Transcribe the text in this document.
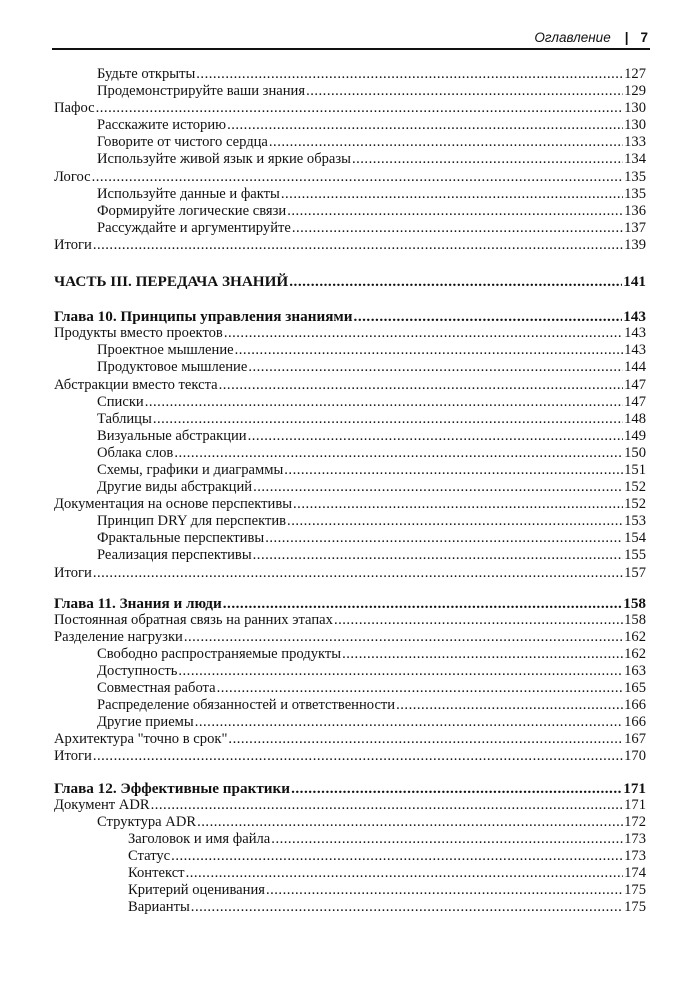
Оглавление | 7
Будьте открыты .....	127
Продемонстрируйте ваши знания .....	129
Пафос .....	130
Расскажите историю .....	130
Говорите от чистого сердца .....	133
Используйте живой язык и яркие образы .....	134
Логос .....	135
Используйте данные и факты .....	135
Формируйте логические связи .....	136
Рассуждайте и аргументируйте .....	137
Итоги .....	139
ЧАСТЬ III. ПЕРЕДАЧА ЗНАНИЙ .....	141
Глава 10. Принципы управления знаниями .....	143
Продукты вместо проектов .....	143
Проектное мышление .....	143
Продуктовое мышление .....	144
Абстракции вместо текста .....	147
Списки .....	147
Таблицы .....	148
Визуальные абстракции .....	149
Облака слов .....	150
Схемы, графики и диаграммы .....	151
Другие виды абстракций .....	152
Документация на основе перспективы .....	152
Принцип DRY для перспектив .....	153
Фрактальные перспективы .....	154
Реализация перспективы .....	155
Итоги .....	157
Глава 11. Знания и люди .....	158
Постоянная обратная связь на ранних этапах .....	158
Разделение нагрузки .....	162
Свободно распространяемые продукты .....	162
Доступность .....	163
Совместная работа .....	165
Распределение обязанностей и ответственности .....	166
Другие приемы .....	166
Архитектура "точно в срок" .....	167
Итоги .....	170
Глава 12. Эффективные практики .....	171
Документ ADR .....	171
Структура ADR .....	172
Заголовок и имя файла .....	173
Статус .....	173
Контекст .....	174
Критерий оценивания .....	175
Варианты .....	175
